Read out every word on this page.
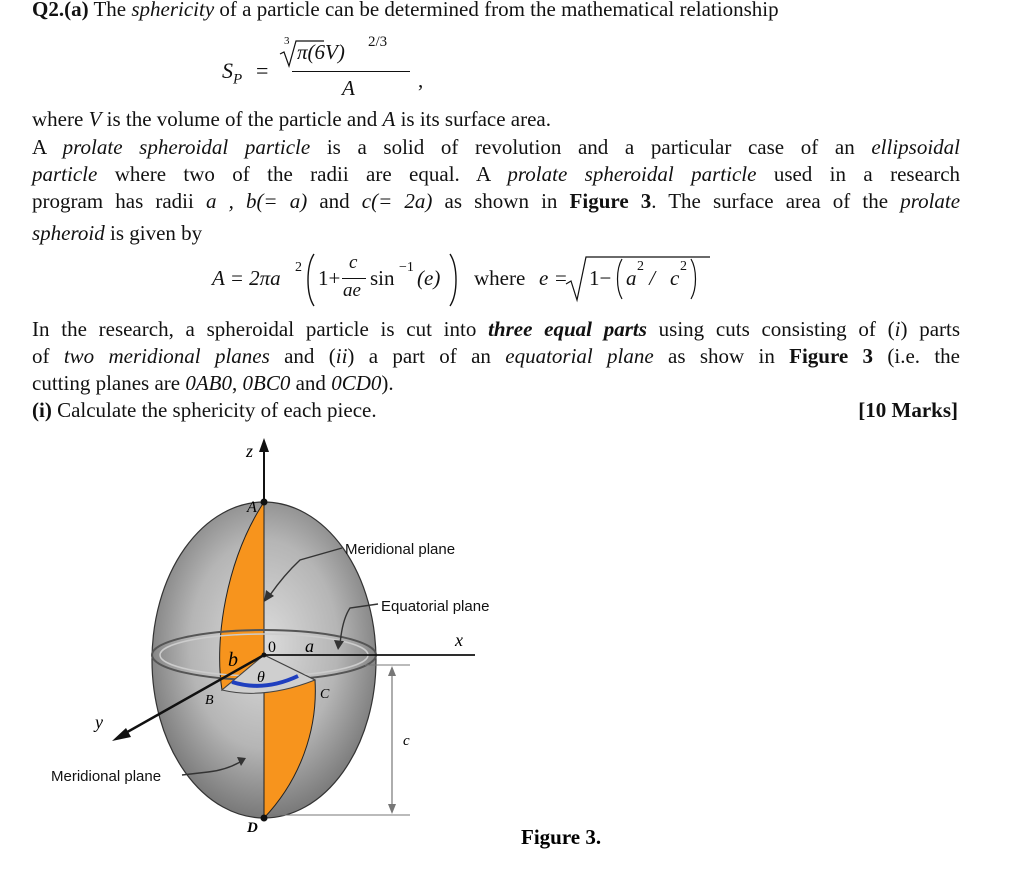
Q2.(a) The sphericity of a particle can be determined from the mathematical relationship
$S_P$ =
3 π(6V) 2/3
A	,
where V is the volume of the particle and A is its surface area.
A prolate spheroidal particle is a solid of revolution and a particular case of an ellipsoidal
particle where two of the radii are equal. A prolate spheroidal particle used in a research
program has radii a , b(= a) and c(= 2a) as shown in Figure 3. The surface area of the prolate
spheroid is given by
A = 2πa 2 1+
c
ae
sin −1 (e) where e = 1− a 2 / c 2
In the research, a spheroidal particle is cut into three equal parts using cuts consisting of (i) parts
of two meridional planes and (ii) a part of an equatorial plane as show in Figure 3 (i.e. the
cutting planes are 0AB0, 0BC0 and 0CD0).
(i) Calculate the sphericity of each piece.	[10 Marks]
z
A
b
0 a
θ
B	C
y
x
c
D
Meridional plane
Equatorial plane
Meridional plane
Figure 3.
